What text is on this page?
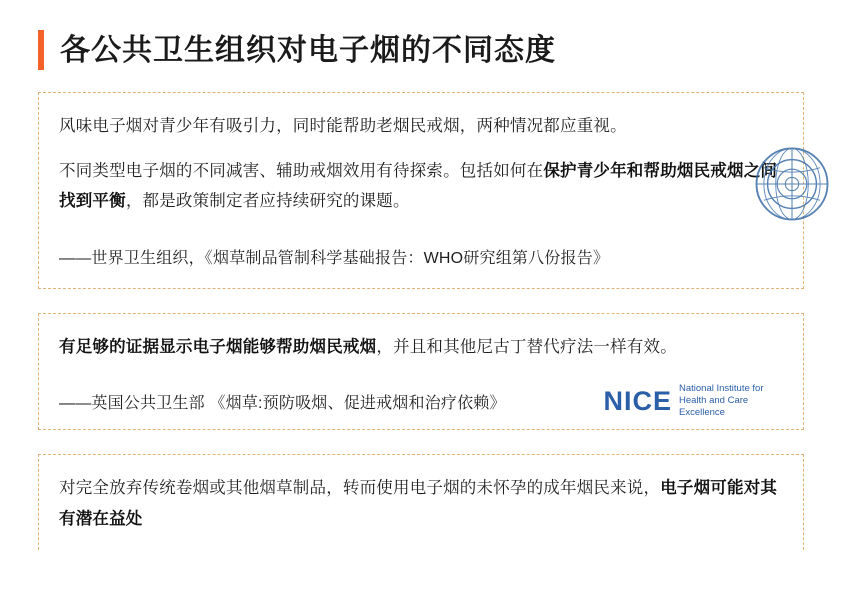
各公共卫生组织对电子烟的不同态度

风味电子烟对青少年有吸引力，同时能帮助老烟民戒烟，两种情况都应重视。

不同类型电子烟的不同减害、辅助戒烟效用有待探索。包括如何在保护青少年和帮助烟民戒烟之间找到平衡，都是政策制定者应持续研究的课题。

——世界卫生组织，《烟草制品管制科学基础报告：WHO研究组第八份报告》

有足够的证据显示电子烟能够帮助烟民戒烟，并且和其他尼古丁替代疗法一样有效。

——英国公共卫生部 《烟草:预防吸烟、促进戒烟和治疗依赖》	NICE National Institute for
Health and Care Excellence

对完全放弃传统卷烟或其他烟草制品，转而使用电子烟的未怀孕的成年烟民来说，电子烟可能对其有潜在益处
